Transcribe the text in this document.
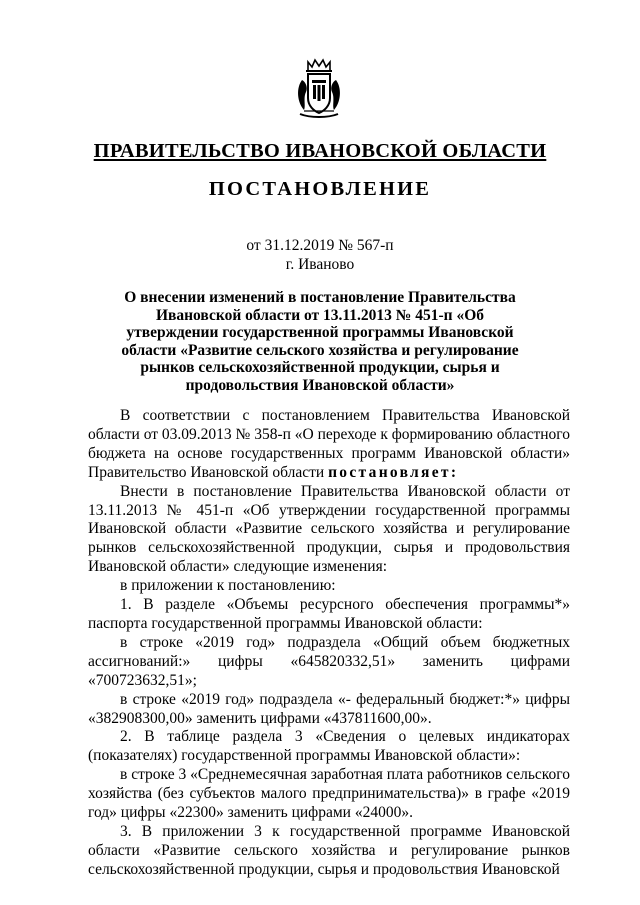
ПРАВИТЕЛЬСТВО ИВАНОВСКОЙ ОБЛАСТИ
ПОСТАНОВЛЕНИЕ
от 31.12.2019 № 567-п
г. Иваново
О внесении изменений в постановление Правительства Ивановской области от 13.11.2013 № 451-п «Об утверждении государственной программы Ивановской области «Развитие сельского хозяйства и регулирование рынков сельскохозяйственной продукции, сырья и продовольствия Ивановской области»

В соответствии с постановлением Правительства Ивановской области от 03.09.2013 № 358-п «О переходе к формированию областного бюджета на основе государственных программ Ивановской области» Правительство Ивановской области постановляет:

Внести в постановление Правительства Ивановской области от 13.11.2013 № 451-п «Об утверждении государственной программы Ивановской области «Развитие сельского хозяйства и регулирование рынков сельскохозяйственной продукции, сырья и продовольствия Ивановской области» следующие изменения:

в приложении к постановлению:

1. В разделе «Объемы ресурсного обеспечения программы*» паспорта государственной программы Ивановской области:

в строке «2019 год» подраздела «Общий объем бюджетных ассигнований:» цифры «645820332,51» заменить цифрами «700723632,51»;

в строке «2019 год» подраздела «- федеральный бюджет:*» цифры «382908300,00» заменить цифрами «437811600,00».

2. В таблице раздела 3 «Сведения о целевых индикаторах (показателях) государственной программы Ивановской области»:

в строке 3 «Среднемесячная заработная плата работников сельского хозяйства (без субъектов малого предпринимательства)» в графе «2019 год» цифры «22300» заменить цифрами «24000».

3. В приложении 3 к государственной программе Ивановской области «Развитие сельского хозяйства и регулирование рынков сельскохозяйственной продукции, сырья и продовольствия Ивановской
